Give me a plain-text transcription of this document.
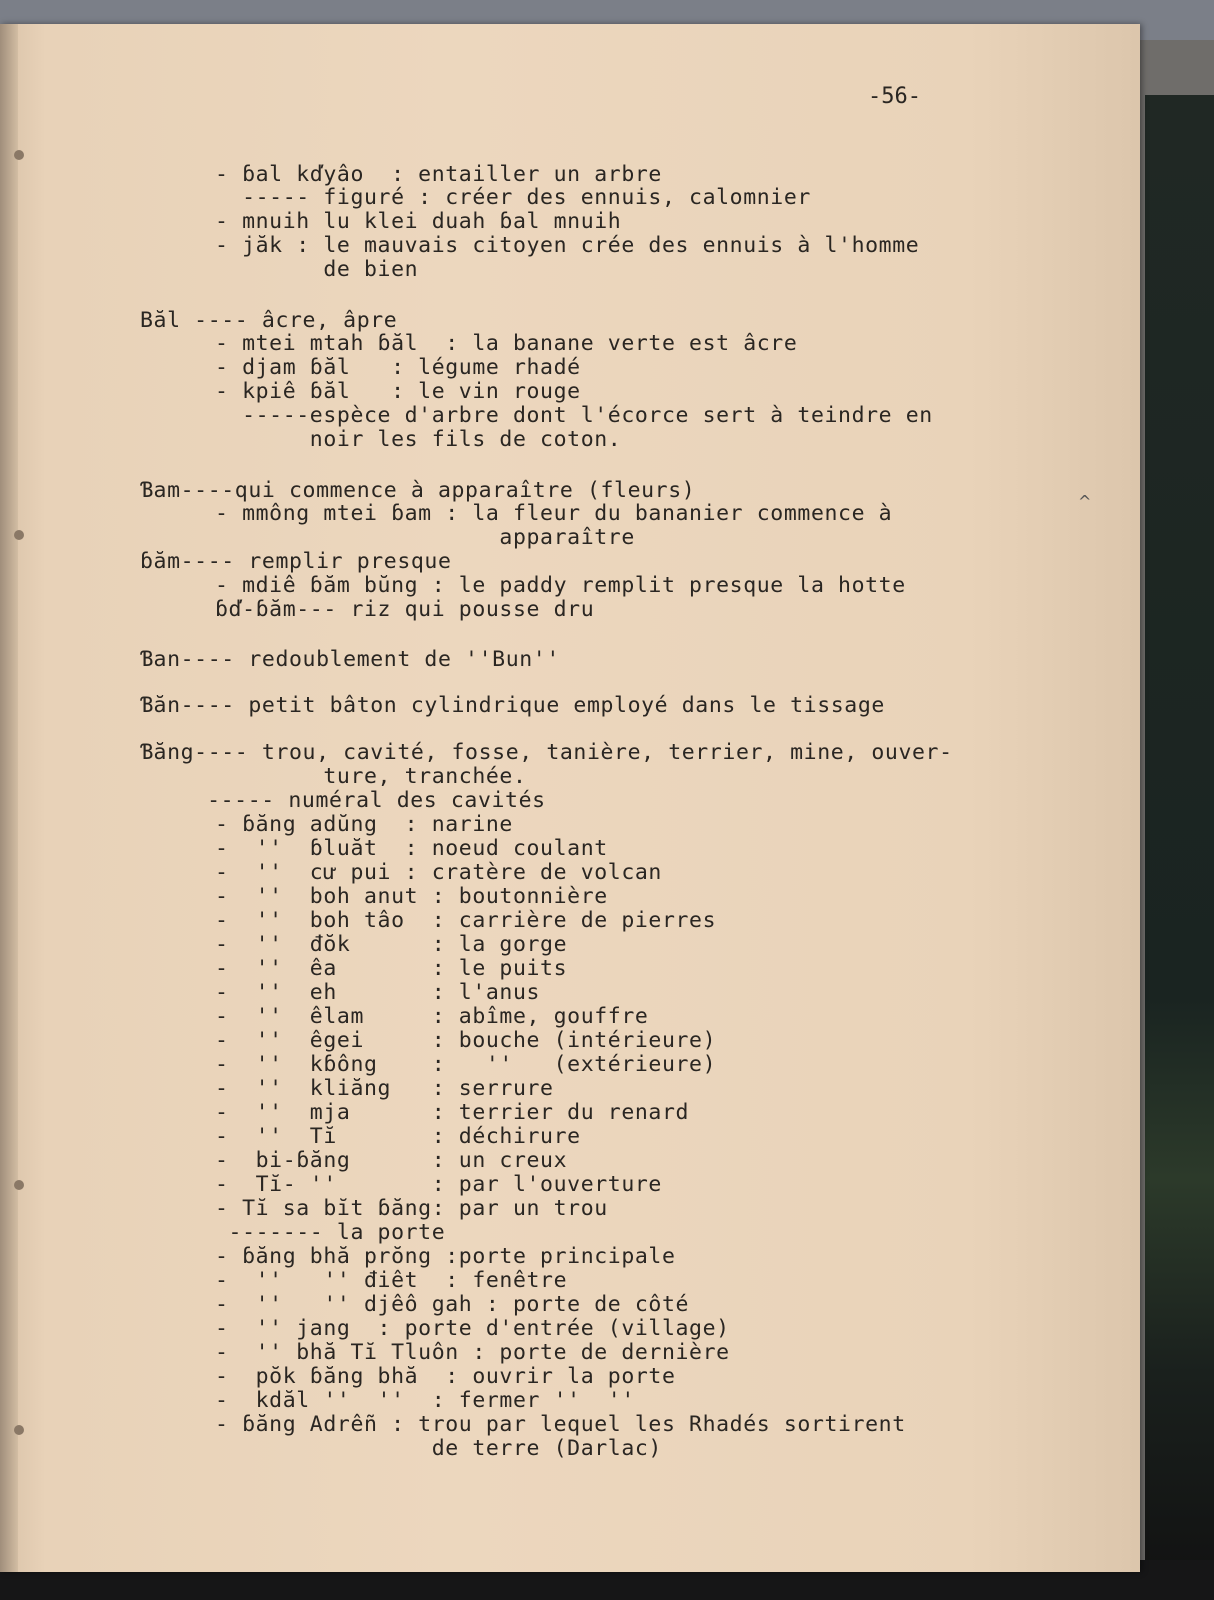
-56-
^
- ɓal kďyâo  : entailler un arbre
----- figuré : créer des ennuis, calomnier
- mnuih lu klei duah ɓal mnuih
- jăk : le mauvais citoyen crée des ennuis à l'homme
de bien
Băl ---- âcre, âpre
- mtei mtah ɓăl  : la banane verte est âcre
- djam ɓăl   : légume rhadé
- kpiê ɓăl   : le vin rouge
-----espèce d'arbre dont l'écorce sert à teindre en
noir les fils de coton.
Ɓam----qui commence à apparaître (fleurs)
- mmông mtei ɓam : la fleur du bananier commence à
apparaître
ɓăm---- remplir presque
- mdiê ɓăm bŭng : le paddy remplit presque la hotte
ɓď-ɓăm--- riz qui pousse dru
Ɓan---- redoublement de ''Bun''
Ɓăn---- petit bâton cylindrique employé dans le tissage
Ɓăng---- trou, cavité, fosse, tanière, terrier, mine, ouver-
ture, tranchée.
----- numéral des cavités
- ɓăng adŭng  : narine
-  ''  ɓluăt  : noeud coulant
-  ''  cư pui : cratère de volcan
-  ''  boh anut : boutonnière
-  ''  boh tâo  : carrière de pierres
-  ''  đŏk      : la gorge
-  ''  êa       : le puits
-  ''  eh       : l'anus
-  ''  êlam     : abîme, gouffre
-  ''  êgei     : bouche (intérieure)
-  ''  kɓông    :   ''   (extérieure)
-  ''  kliăng   : serrure
-  ''  mja      : terrier du renard
-  ''  Tĭ       : déchirure
-  bi-ɓăng      : un creux
-  Tĭ- ''       : par l'ouverture
- Tĭ sa bĭt ɓăng: par un trou
------- la porte
- ɓăng bhă prŏng :porte principale
-  ''   '' điêt  : fenêtre
-  ''   '' djêô gah : porte de côté
-  '' jang  : porte d'entrée (village)
-  '' bhă Tĭ Tluôn : porte de dernière
-  pŏk ɓăng bhă  : ouvrir la porte
-  kdăl ''  ''  : fermer ''  ''
- ɓăng Adrêñ : trou par lequel les Rhadés sortirent
de terre (Darlac)
